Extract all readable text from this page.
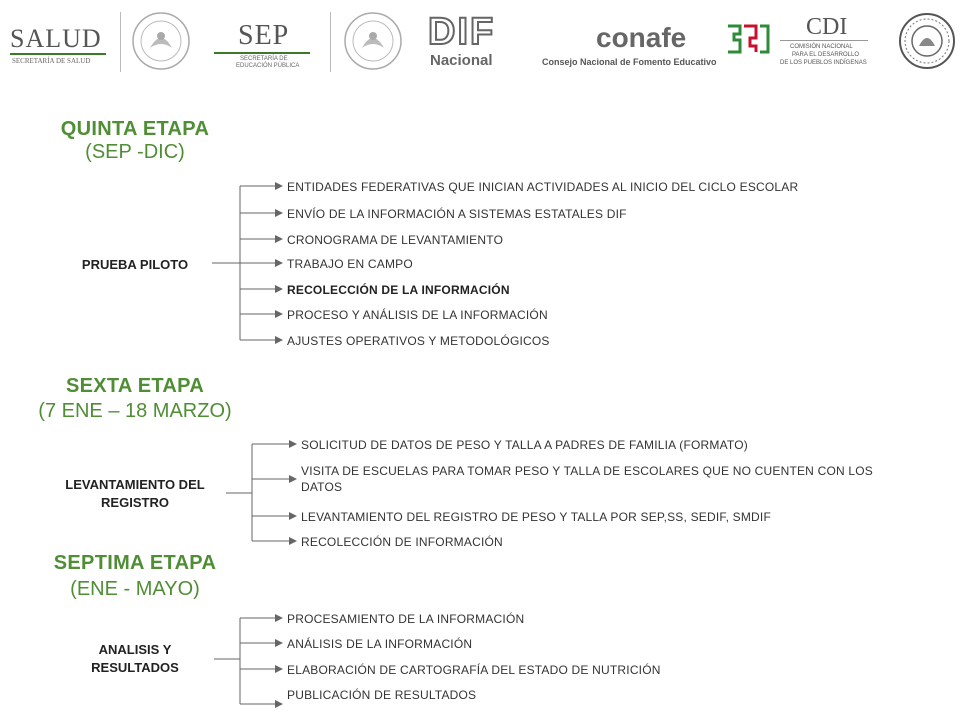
SALUD
SECRETARÍA DE SALUD
SEP
SECRETARÍA DE
EDUCACIÓN PÚBLICA
DIF
Nacional
conafe
Consejo Nacional de Fomento Educativo
CDI
COMISIÓN NACIONAL
PARA EL DESARROLLO
DE LOS PUEBLOS INDÍGENAS
QUINTA ETAPA
(SEP -DIC)
PRUEBA PILOTO
ENTIDADES FEDERATIVAS QUE INICIAN ACTIVIDADES AL INICIO DEL CICLO ESCOLAR
ENVÍO DE LA INFORMACIÓN A SISTEMAS ESTATALES DIF
CRONOGRAMA DE LEVANTAMIENTO
TRABAJO EN CAMPO
RECOLECCIÓN DE LA INFORMACIÓN
PROCESO Y ANÁLISIS DE LA INFORMACIÓN
AJUSTES OPERATIVOS Y METODOLÓGICOS
SEXTA ETAPA
(7 ENE – 18 MARZO)
LEVANTAMIENTO DEL
REGISTRO
SOLICITUD DE DATOS DE PESO Y TALLA A PADRES DE FAMILIA (FORMATO)
VISITA DE ESCUELAS PARA TOMAR PESO Y TALLA DE ESCOLARES QUE NO CUENTEN CON LOS DATOS
LEVANTAMIENTO DEL REGISTRO DE PESO Y TALLA POR SEP,SS, SEDIF, SMDIF
RECOLECCIÓN DE INFORMACIÓN
SEPTIMA ETAPA
(ENE - MAYO)
ANALISIS Y
RESULTADOS
PROCESAMIENTO DE LA INFORMACIÓN
ANÁLISIS DE LA INFORMACIÓN
ELABORACIÓN DE CARTOGRAFÍA DEL ESTADO DE NUTRICIÓN
PUBLICACIÓN DE RESULTADOS
